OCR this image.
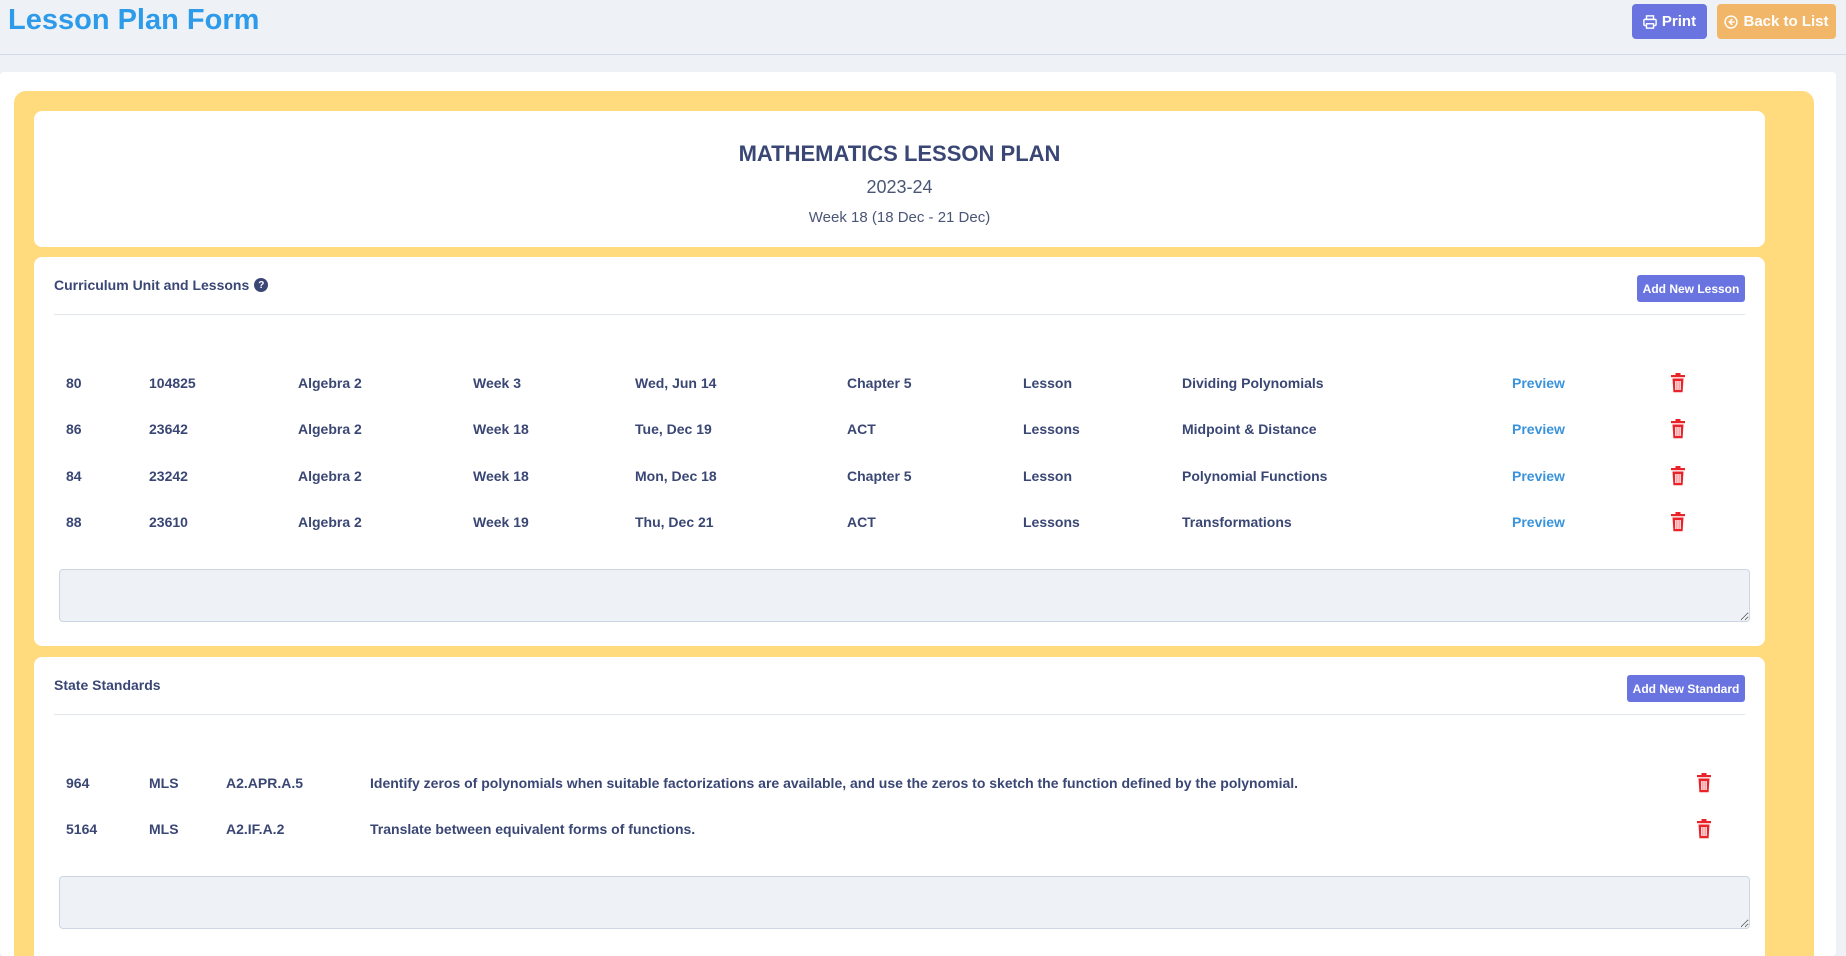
Lesson Plan Form	Print	Back to List
MATHEMATICS LESSON PLAN
2023-24
Week 18 (18 Dec - 21 Dec)
Curriculum Unit and Lessons ?	Add New Lesson
80	104825	Algebra 2	Week 3	Wed, Jun 14	Chapter 5	Lesson	Dividing Polynomials	Preview
86	23642	Algebra 2	Week 18	Tue, Dec 19	ACT	Lessons	Midpoint & Distance	Preview
84	23242	Algebra 2	Week 18	Mon, Dec 18	Chapter 5	Lesson	Polynomial Functions	Preview
88	23610	Algebra 2	Week 19	Thu, Dec 21	ACT	Lessons	Transformations	Preview
State Standards	Add New Standard
964	MLS	A2.APR.A.5	Identify zeros of polynomials when suitable factorizations are available, and use the zeros to sketch the function defined by the polynomial.
5164	MLS	A2.IF.A.2	Translate between equivalent forms of functions.
